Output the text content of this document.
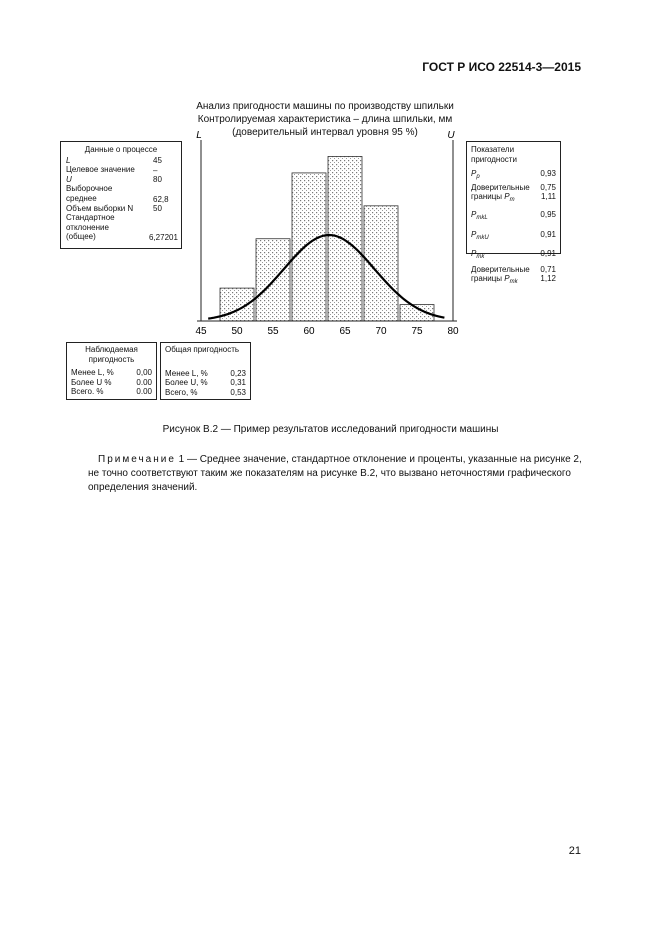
ГОСТ Р ИСО 22514-3—2015
Анализ пригодности машины по производству шпильки
Контролируемая характеристика – длина шпильки, мм
(доверительный интервал уровня 95 %)
L	U
45 50 55 60 65 70 75 80
Данные о процессе
L	45
Целевое значение –
U	80
Выборочное
среднее	62,8
Объем выборки N 50
Стандартное
отклонение
(общее)	6,27201
Показатели пригодности
$P_p$	0,93
Доверительные 0,75
границы $P_m$	1,11
$P_{mkL}$	0,95
$P_{mkU}$	0,91
$P_{mk}$	0,91
Доверительные 0,71
границы $P_{mk}$	1,12
Наблюдаемая
пригодность
Менее L, %	0,00
Более U %	0.00
Всего. %	0.00
Общая пригодность
Менее L, %	0,23
Более U, %	0,31
Всего, %	0,53
Рисунок В.2 — Пример результатов исследований пригодности машины
Примечание 1 — Среднее значение, стандартное отклонение и проценты, указанные на рисунке 2, не точно соответствуют таким же показателям на рисунке В.2, что вызвано неточностями графического определения значений.
21
